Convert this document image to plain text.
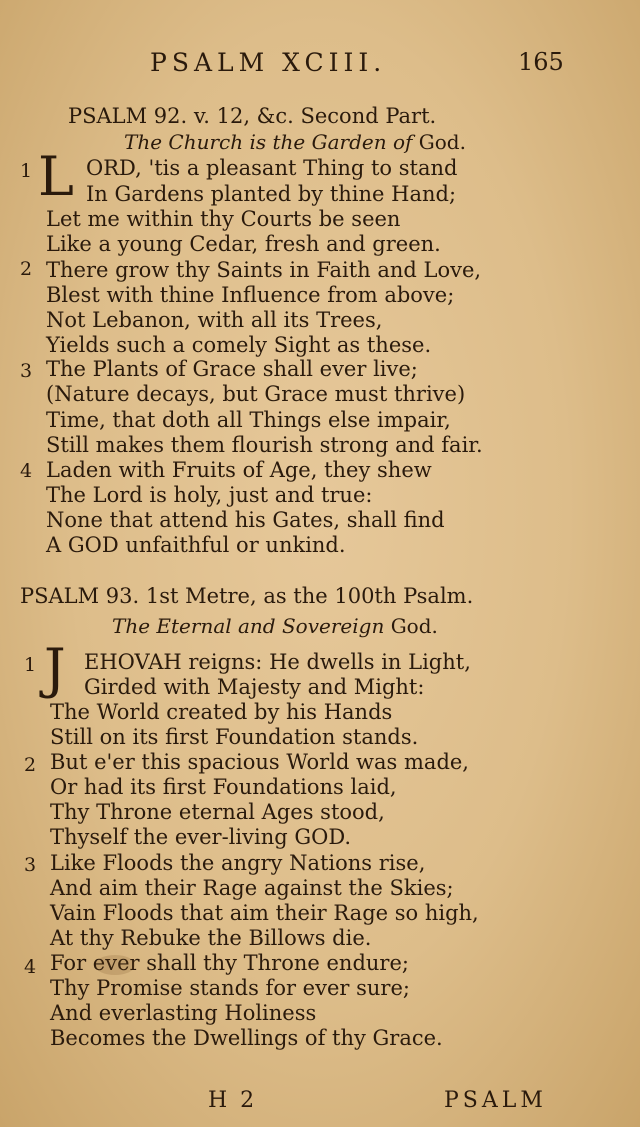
PSALM XCIII.	165
PSALM 92. v. 12, &c. Second Part.
The Church is the Garden of God.
L
1
2
3
4
ORD, 'tis a pleasant Thing to stand
In Gardens planted by thine Hand;
Let me within thy Courts be seen
Like a young Cedar, fresh and green.
There grow thy Saints in Faith and Love,
Blest with thine Influence from above;
Not Lebanon, with all its Trees,
Yields such a comely Sight as these.
The Plants of Grace shall ever live;
(Nature decays, but Grace must thrive)
Time, that doth all Things else impair,
Still makes them flourish strong and fair.
Laden with Fruits of Age, they shew
The Lord is holy, just and true:
None that attend his Gates, shall find
A GOD unfaithful or unkind.
PSALM 93. 1st Metre, as the 100th Psalm.
The Eternal and Sovereign God.
J
1
2
3
4
EHOVAH reigns: He dwells in Light,
Girded with Majesty and Might:
The World created by his Hands
Still on its first Foundation stands.
But e'er this spacious World was made,
Or had its first Foundations laid,
Thy Throne eternal Ages stood,
Thyself the ever-living GOD.
Like Floods the angry Nations rise,
And aim their Rage against the Skies;
Vain Floods that aim their Rage so high,
At thy Rebuke the Billows die.
For ever shall thy Throne endure;
Thy Promise stands for ever sure;
And everlasting Holiness
Becomes the Dwellings of thy Grace.
H 2	PSALM
